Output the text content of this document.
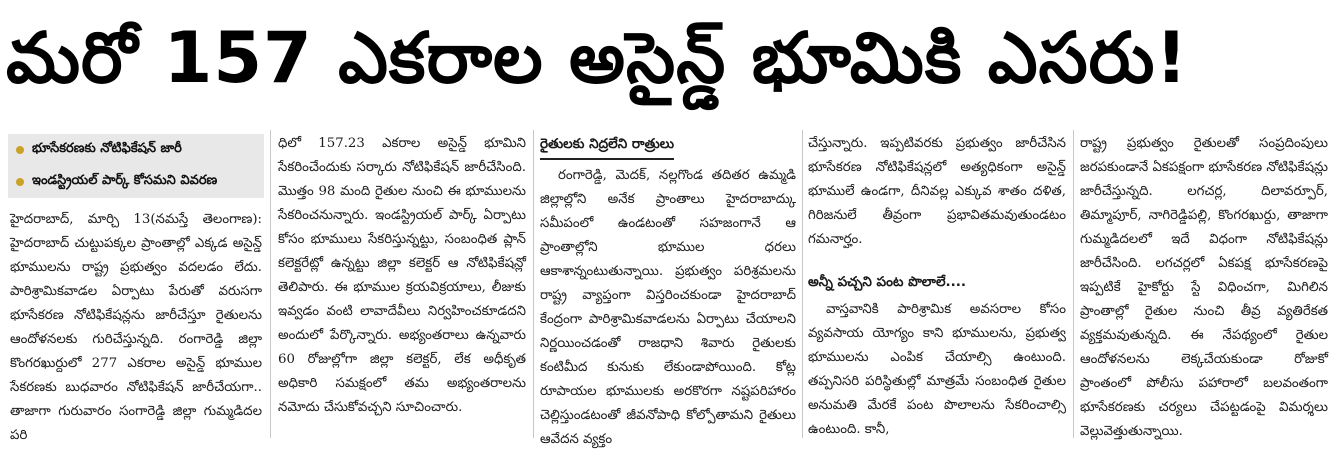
మరో 157 ఎకరాల అసైన్డ్ భూమికి ఎసరు!
భూసేకరణకు నోటిఫికేషన్ జారీ
ఇండస్ట్రియల్ పార్క్ కోసమని వివరణ

హైదరాబాద్, మార్చి 13(నమస్తే తెలంగాణ): హైదరాబాద్ చుట్టుపక్కల ప్రాంతాల్లో ఎక్కడ అసైన్డ్ భూములను రాష్ట్ర ప్రభుత్వం వదలడం లేదు. పారిశ్రామికవాడల ఏర్పాటు పేరుతో వరుసగా భూసేకరణ నోటిఫికేషన్లను జారీచేస్తూ రైతులను ఆందోళనలకు గురిచేస్తున్నది. రంగారెడ్డి జిల్లా కొంగరఖుర్దులో 277 ఎకరాల అసైన్డ్ భూముల సేకరణకు బుధవారం నోటిఫికేషన్ జారీచేయగా.. తాజాగా గురువారం సంగారెడ్డి జిల్లా గుమ్మడిదల పరి

ధిలో 157.23 ఎకరాల అసైన్డ్ భూమిని సేకరించేందుకు సర్కారు నోటిఫికేషన్ జారీచేసింది. మొత్తం 98 మంది రైతుల నుంచి ఈ భూములను సేకరించనున్నారు. ఇండస్ట్రియల్ పార్క్ ఏర్పాటు కోసం భూములు సేకరిస్తున్నట్టు, సంబంధిత ప్లాన్ కలెక్టరేట్లో ఉన్నట్టు జిల్లా కలెక్టర్ ఆ నోటిఫికేషన్లో తెలిపారు. ఈ భూముల క్రయవిక్రయాలు, లీజుకు ఇవ్వడం వంటి లావాదేవీలు నిర్వహించకూడదని అందులో పేర్కొన్నారు. అభ్యంతరాలు ఉన్నవారు 60 రోజుల్లోగా జిల్లా కలెక్టర్, లేక అధీకృత అధికారి సమక్షంలో తమ అభ్యంతరాలను నమోదు చేసుకోవచ్చని సూచించారు.

రైతులకు నిద్రలేని రాత్రులు

రంగారెడ్డి, మెదక్, నల్లగొండ తదితర ఉమ్మడి జిల్లాల్లోని అనేక ప్రాంతాలు హైదరాబాద్కు సమీపంలో ఉండటంతో సహజంగానే ఆ ప్రాంతాల్లోని భూముల ధరలు ఆకాశాన్నంటుతున్నాయి. ప్రభుత్వం పరిశ్రమలను రాష్ట్ర వ్యాప్తంగా విస్తరించకుండా హైదరాబాద్ కేంద్రంగా పారిశ్రామికవాడలను ఏర్పాటు చేయాలని నిర్ణయించడంతో రాజధాని శివారు రైతులకు కంటిమీద కునుకు లేకుండాపోయింది. కోట్ల రూపాయల భూములకు అరకొరగా నష్టపరిహారం చెల్లిస్తుండటంతో జీవనోపాధి కోల్పోతామని రైతులు ఆవేదన వ్యక్తం

చేస్తున్నారు. ఇప్పటివరకు ప్రభుత్వం జారీచేసిన భూసేకరణ నోటిఫికేషన్లలో అత్యధికంగా అసైన్డ్ భూములే ఉండగా, దీనివల్ల ఎక్కువ శాతం దళిత, గిరిజనులే తీవ్రంగా ప్రభావితమవుతుండటం గమనార్హం.

అన్నీ పచ్చని పంట పొలాలే....

వాస్తవానికి పారిశ్రామిక అవసరాల కోసం వ్యవసాయ యోగ్యం కాని భూములను, ప్రభుత్వ భూములను ఎంపిక చేయాల్సి ఉంటుంది. తప్పనిసరి పరిస్థితుల్లో మాత్రమే సంబంధిత రైతుల అనుమతి మేరకే పంట పొలాలను సేకరించాల్సి ఉంటుంది. కానీ,

రాష్ట్ర ప్రభుత్వం రైతులతో సంప్రదింపులు జరపకుండానే ఏకపక్షంగా భూసేకరణ నోటిఫికేషన్లు జారీచేస్తున్నది. లగచర్ల, దిలావర్పూర్, తిమ్మాపూర్, నాగిరెడ్డిపల్లి, కొంగరఖుర్దు, తాజాగా గుమ్మడిదలలో ఇదే విధంగా నోటిఫికేషన్లు జారీచేసింది. లగచర్లలో ఏకపక్ష భూసేకరణపై ఇప్పటికే హైకోర్టు స్టే విధించగా, మిగిలిన ప్రాంతాల్లో రైతుల నుంచి తీవ్ర వ్యతిరేకత వ్యక్తమవుతున్నది. ఈ నేపథ్యంలో రైతుల ఆందోళనలను లెక్కచేయకుండా రోజుకో ప్రాంతంలో పోలీసు పహారాలో బలవంతంగా భూసేకరణకు చర్యలు చేపట్టడంపై విమర్శలు వెల్లువెత్తుతున్నాయి.
